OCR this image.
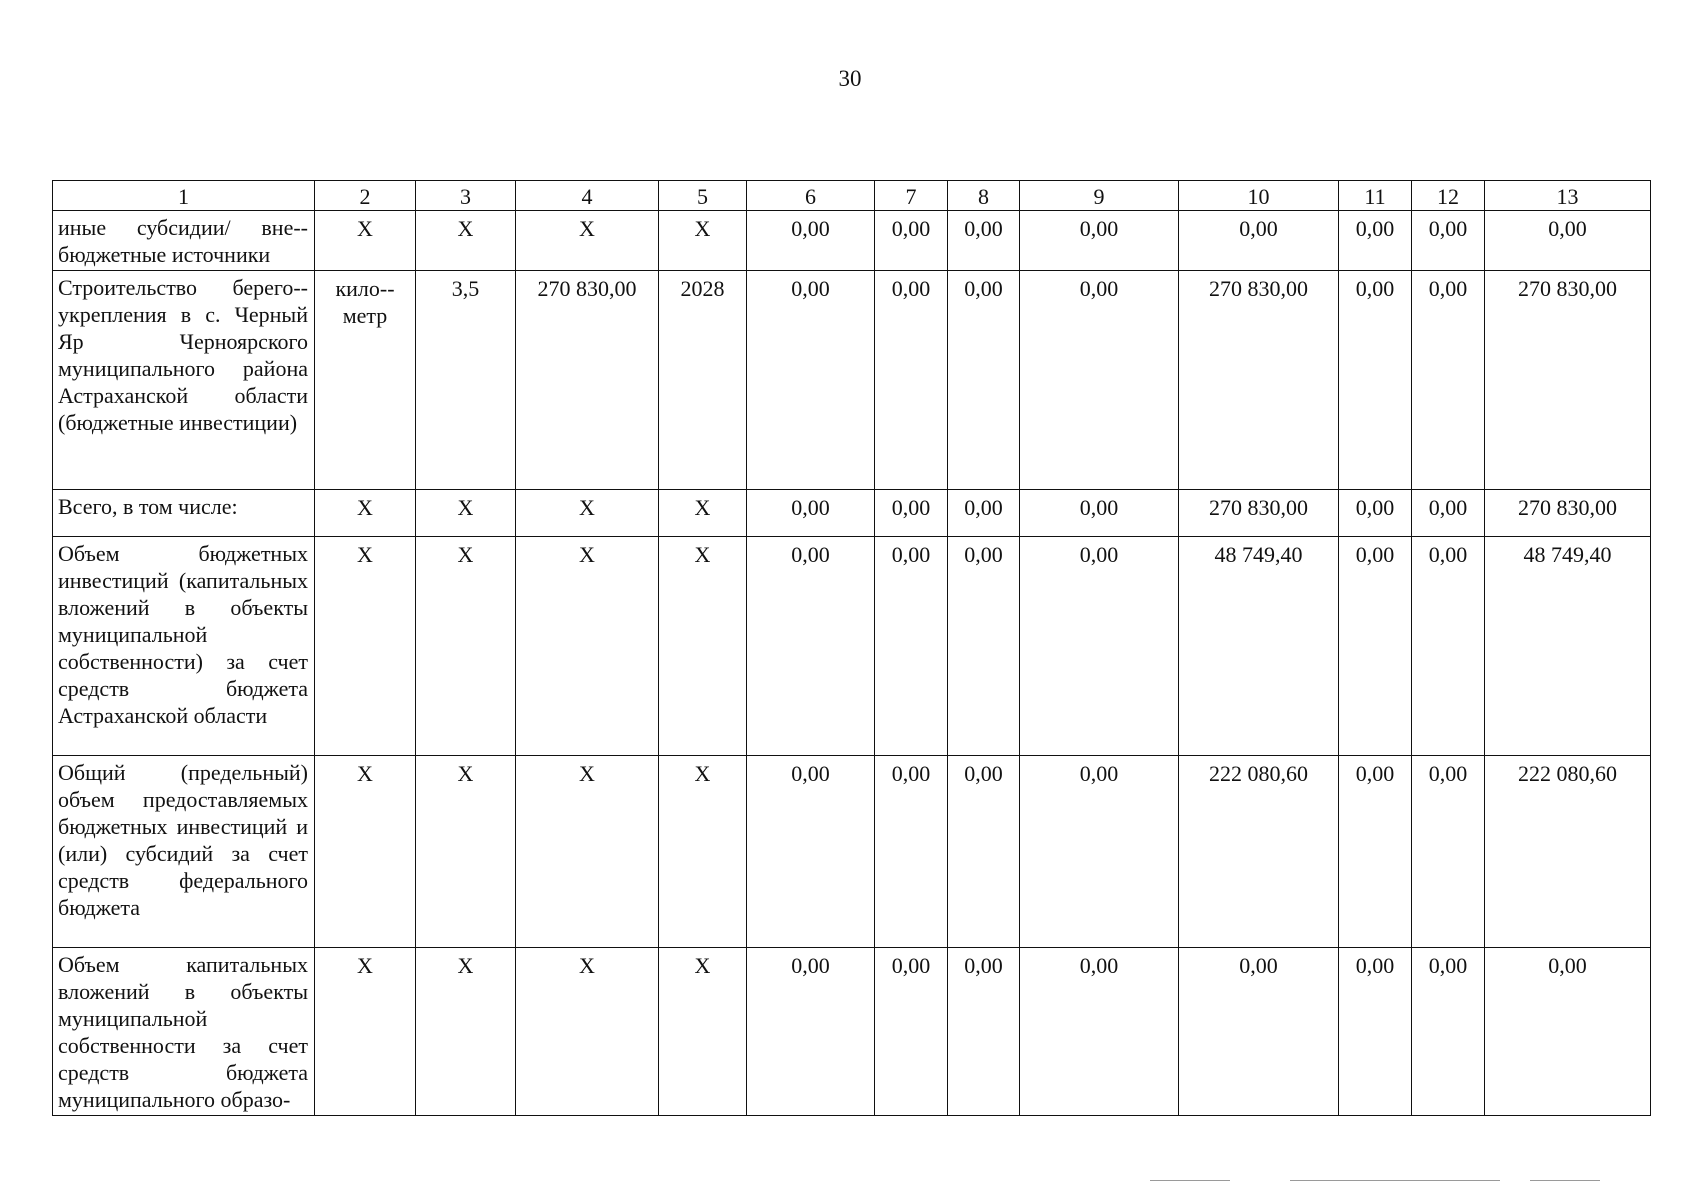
30
1	2	3	4	5	6	7	8	9	10	11	12	13
иные субсидии/ вне-бюджетные источники	X	X	X	X	0,00	0,00	0,00	0,00	0,00	0,00	0,00	0,00
Строительство берего-укрепления в с. Черный Яр Черноярского муниципального района Астраханской области (бюджетные инвестиции)	кило-метр	3,5	270 830,00	2028	0,00	0,00	0,00	0,00	270 830,00	0,00	0,00	270 830,00
Всего, в том числе:	X	X	X	X	0,00	0,00	0,00	0,00	270 830,00	0,00	0,00	270 830,00
Объем бюджетных инвестиций (капитальных вложений в объекты муниципальной собственности) за счет средств бюджета Астраханской области	X	X	X	X	0,00	0,00	0,00	0,00	48 749,40	0,00	0,00	48 749,40
Общий (предельный) объем предоставляемых бюджетных инвестиций и (или) субсидий за счет средств федерального бюджета	X	X	X	X	0,00	0,00	0,00	0,00	222 080,60	0,00	0,00	222 080,60
Объем капитальных вложений в объекты муниципальной собственности за счет средств бюджета муниципального образо-	X	X	X	X	0,00	0,00	0,00	0,00	0,00	0,00	0,00	0,00
